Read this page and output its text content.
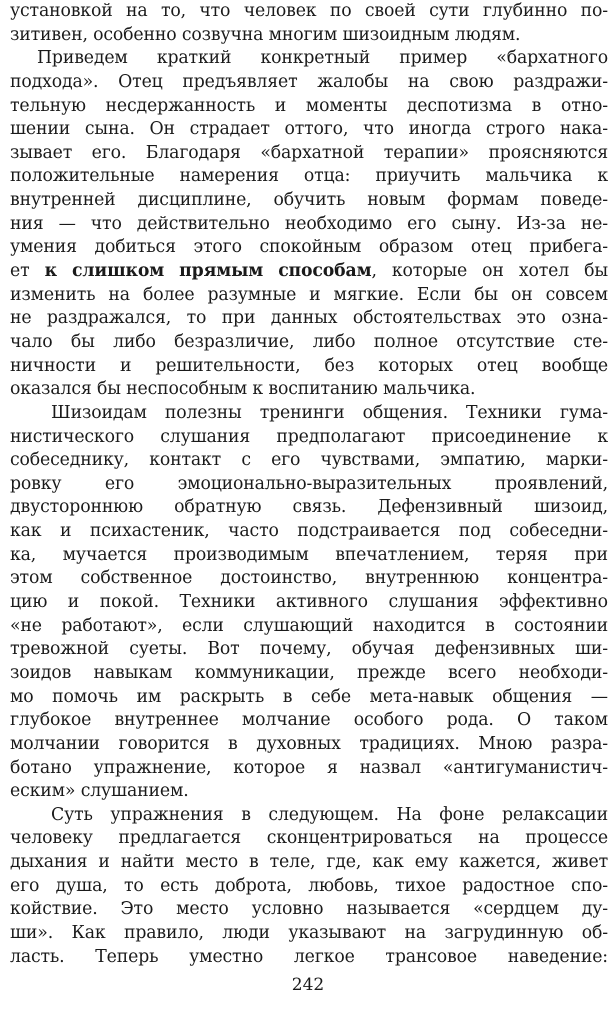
установкой на то, что человек по своей сути глубинно по-
зитивен, особенно созвучна многим шизоидным людям.
Приведем краткий конкретный пример «бархатного
подхода». Отец предъявляет жалобы на свою раздражи-
тельную несдержанность и моменты деспотизма в отно-
шении сына. Он страдает оттого, что иногда строго нака-
зывает его. Благодаря «бархатной терапии» проясняются
положительные намерения отца: приучить мальчика к
внутренней дисциплине, обучить новым формам поведе-
ния — что действительно необходимо его сыну. Из-за не-
умения добиться этого спокойным образом отец прибега-
ет к слишком прямым способам, которые он хотел бы
изменить на более разумные и мягкие. Если бы он совсем
не раздражался, то при данных обстоятельствах это озна-
чало бы либо безразличие, либо полное отсутствие сте-
ничности и решительности, без которых отец вообще
оказался бы неспособным к воспитанию мальчика.
Шизоидам полезны тренинги общения. Техники гума-
нистического слушания предполагают присоединение к
собеседнику, контакт с его чувствами, эмпатию, марки-
ровку	его	эмоционально-выразительных	проявлений,
двустороннюю обратную связь. Дефензивный шизоид,
как и психастеник, часто подстраивается под собеседни-
ка, мучается производимым впечатлением, теряя при
этом собственное достоинство, внутреннюю концентра-
цию и покой. Техники активного слушания эффективно
«не работают», если слушающий находится в состоянии
тревожной суеты. Вот почему, обучая дефензивных ши-
зоидов навыкам коммуникации, прежде всего необходи-
мо помочь им раскрыть в себе мета-навык общения —
глубокое внутреннее молчание особого рода. О таком
молчании говорится в духовных традициях. Мною разра-
ботано упражнение, которое я назвал «антигуманистич-
еским» слушанием.
Суть упражнения в следующем. На фоне релаксации
человеку предлагается сконцентрироваться на процессе
дыхания и найти место в теле, где, как ему кажется, живет
его душа, то есть доброта, любовь, тихое радостное спо-
койствие. Это место условно называется «сердцем ду-
ши». Как правило, люди указывают на загрудинную об-
ласть. Теперь уместно легкое трансовое наведение:
242
